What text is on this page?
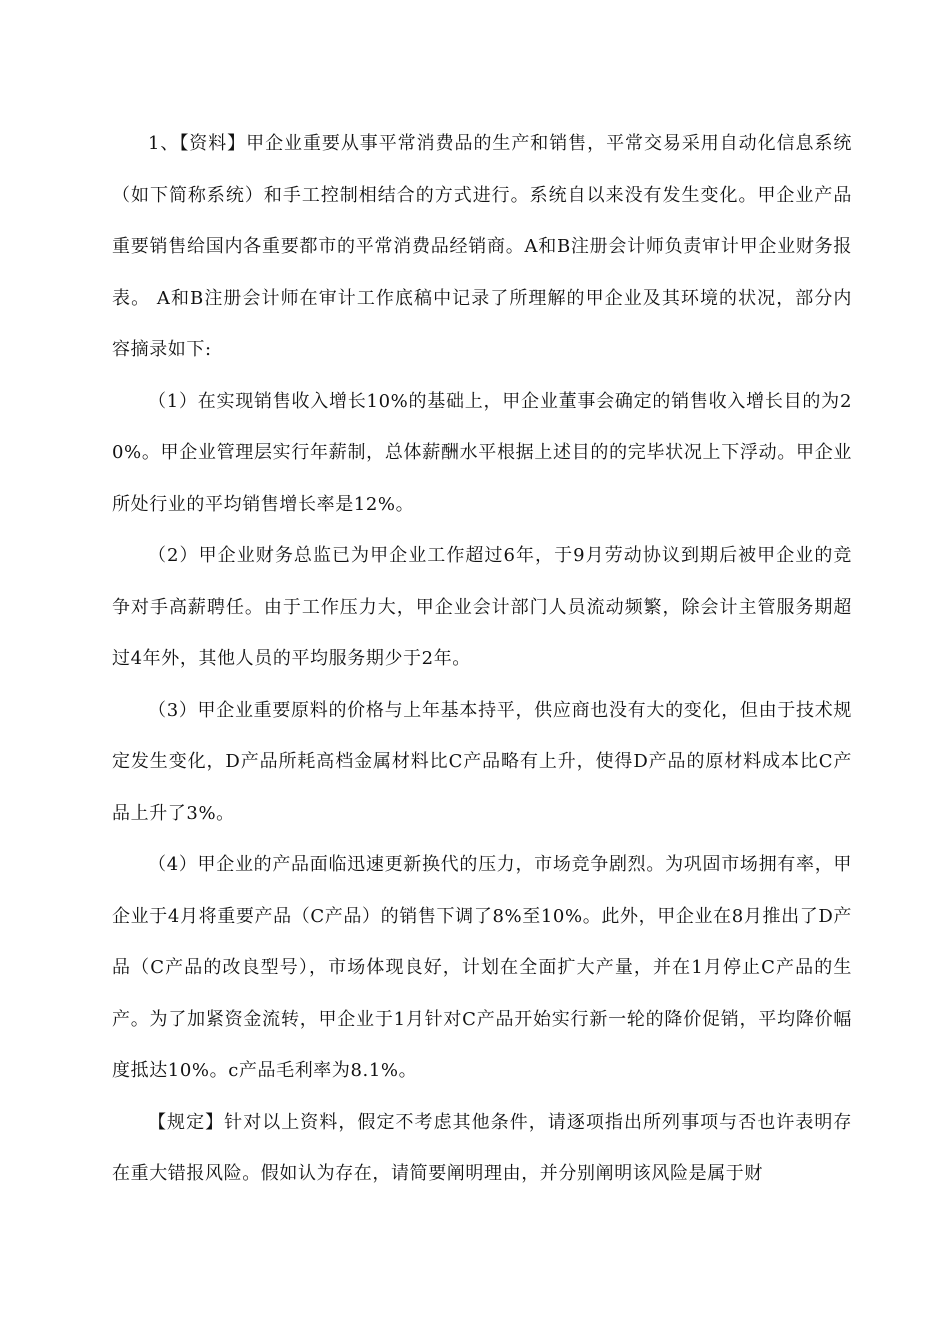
1、【资料】甲企业重要从事平常消费品的生产和销售，平常交易采用自动化信息系统（如下简称系统）和手工控制相结合的方式进行。系统自以来没有发生变化。甲企业产品重要销售给国内各重要都市的平常消费品经销商。A和B注册会计师负责审计甲企业财务报表。 A和B注册会计师在审计工作底稿中记录了所理解的甲企业及其环境的状况，部分内容摘录如下:

（1）在实现销售收入增长10%的基础上，甲企业董事会确定的销售收入增长目的为20%。甲企业管理层实行年薪制，总体薪酬水平根据上述目的的完毕状况上下浮动。甲企业所处行业的平均销售增长率是12%。

（2）甲企业财务总监已为甲企业工作超过6年，于9月劳动协议到期后被甲企业的竞争对手高薪聘任。由于工作压力大，甲企业会计部门人员流动频繁，除会计主管服务期超过4年外，其他人员的平均服务期少于2年。

（3）甲企业重要原料的价格与上年基本持平，供应商也没有大的变化，但由于技术规定发生变化，D产品所耗高档金属材料比C产品略有上升，使得D产品的原材料成本比C产品上升了3%。

（4）甲企业的产品面临迅速更新换代的压力，市场竞争剧烈。为巩固市场拥有率，甲企业于4月将重要产品（C产品）的销售下调了8%至10%。此外，甲企业在8月推出了D产品（C产品的改良型号），市场体现良好，计划在全面扩大产量，并在1月停止C产品的生产。为了加紧资金流转，甲企业于1月针对C产品开始实行新一轮的降价促销，平均降价幅度抵达10%。c产品毛利率为8.1%。

【规定】针对以上资料，假定不考虑其他条件，请逐项指出所列事项与否也许表明存在重大错报风险。假如认为存在，请简要阐明理由，并分别阐明该风险是属于财
